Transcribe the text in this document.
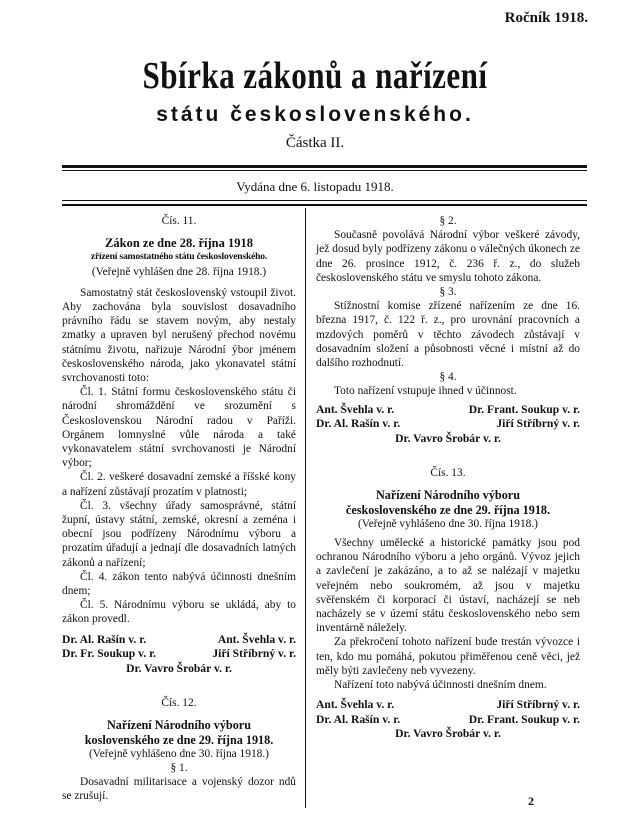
Ročník 1918.
Sbírka zákonů a nařízení
státu československého.
Částka II.
Vydána dne 6. listopadu 1918.

Čís. 11.

Zákon ze dne 28. října 1918

zřízení samostatného státu československého.

(Veřejně vyhlášen dne 28. října 1918.)

Samostatný stát československý vstoupil život. Aby zachována byla souvislost dosavadního právního řádu se stavem novým, aby nestaly zmatky a upraven byl nerušený přechod novému státnímu životu, nařizuje Národní ýbor jménem československého národa, jako ykonavatel státní svrchovanosti toto:

Čl. 1. Státní formu československého státu či národní shromáždění ve srozumění s Československou Národní radou v Paříži. Orgánem lomnyslné vůle národa a také vykonavatelem státní svrchovanosti je Národní výbor;

Čl. 2. veškeré dosavadní zemské a říšské kony a nařízení zůstávají prozatím v platnosti;

Čl. 3. všechny úřady samosprávné, státní župní, ústavy státní, zemské, okresní a zeména i obecní jsou podřízeny Národnímu výboru a prozatím úřadují a jednají dle dosavadních latných zákonů a nařízení;

Čl. 4. zákon tento nabývá účinnosti dnešním dnem;

Čl. 5. Národnímu výboru se ukládá, aby to zákon provedl.

Dr. Al. Rašín v. r.	Ant. Švehla v. r.
Dr. Fr. Soukup v. r.	Jiří Stříbrný v. r.
Dr. Vavro Šrobár v. r.

Čís. 12.

Nařízení Národního výboru

koslovenského ze dne 29. října 1918.

(Veřejně vyhlášeno dne 30. října 1918.)

§ 1.

Dosavadní militarisace a vojenský dozor ndů se zrušují.

§ 2.

Současně povolává Národní výbor veškeré závody, jež dosud byly podřízeny zákonu o válečných úkonech ze dne 26. prosince 1912, č. 236 ř. z., do služeb československého státu ve smyslu tohoto zákona.

§ 3.

Stížnostní komise zřízené nařízením ze dne 16. března 1917, č. 122 ř. z., pro urovnání pracovních a mzdových poměrů v těchto závodech zůstávají v dosavadním složení a působnosti věcné i místní až do dalšího rozhodnutí.

§ 4.

Toto nařízení vstupuje ihned v účinnost.

Ant. Švehla v. r.	Dr. Frant. Soukup v. r.
Dr. Al. Rašín v. r.	Jiří Stříbrný v. r.
Dr. Vavro Šrobár v. r.

Čís. 13.

Nařízení Národního výboru

československého ze dne 29. října 1918.

(Veřejně vyhlášeno dne 30. října 1918.)

Všechny umělecké a historické památky jsou pod ochranou Národního výboru a jeho orgánů. Vývoz jejich a zavlečení je zakázáno, a to až se nalézají v majetku veřejném nebo soukromém, až jsou v majetku svěřenském či korporací či ústaví, nacházejí se neb nacházely se v území státu československého nebo sem inventárně náležely.

Za překročení tohoto nařízení bude trestán vývozce i ten, kdo mu pomáhá, pokutou přiměřenou ceně věci, jež měly býti zavlečeny neb vyvezeny.

Nařízení toto nabývá účinnosti dnešním dnem.

Ant. Švehla v. r.	Jiří Stříbrný v. r.
Dr. Al. Rašín v. r.	Dr. Frant. Soukup v. r.
Dr. Vavro Šrobár v. r.
2
